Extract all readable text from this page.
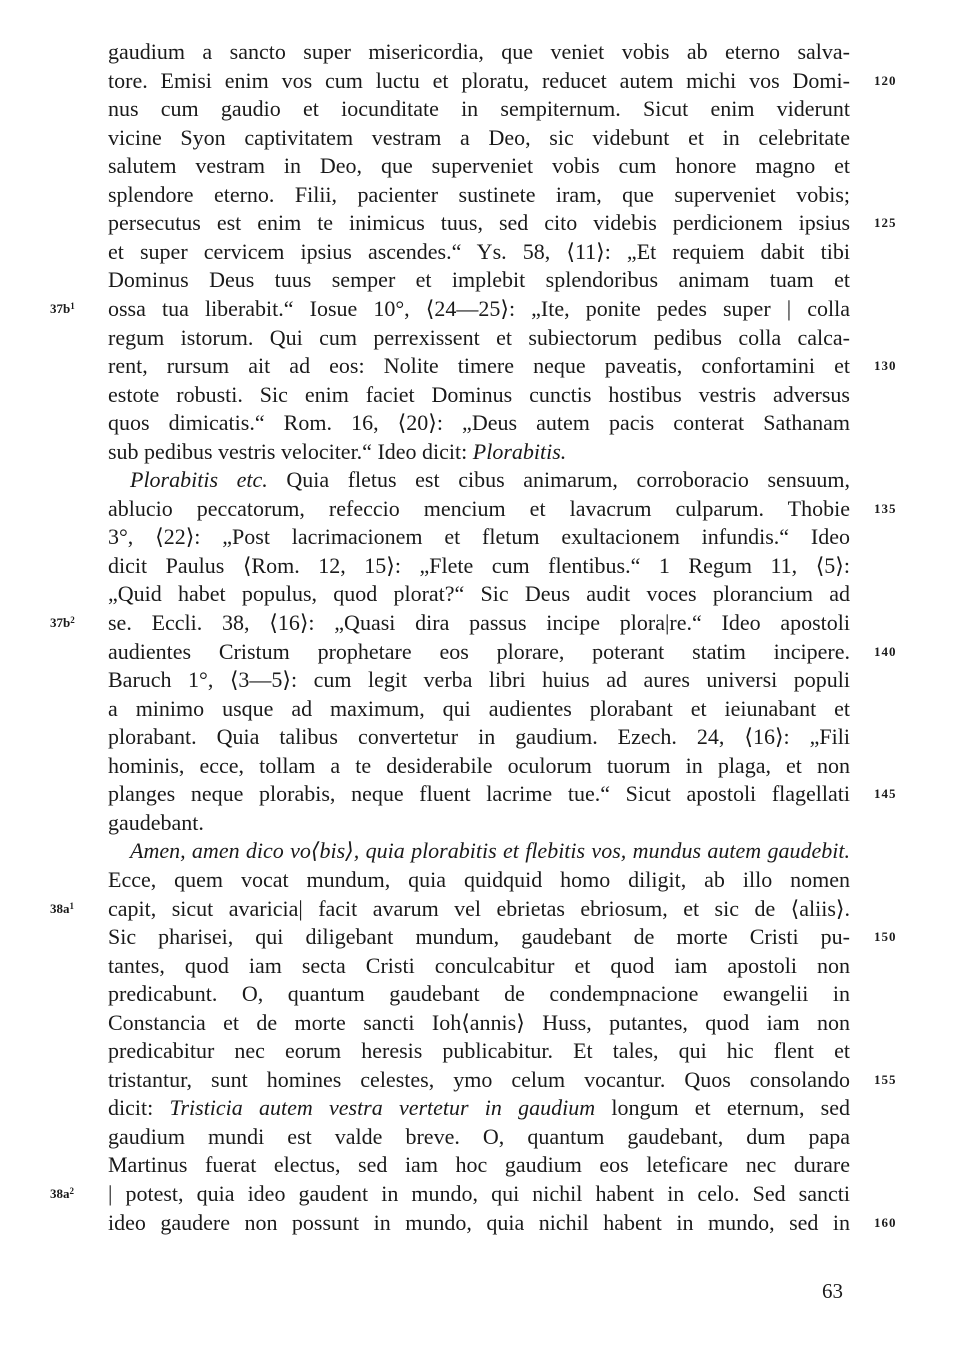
gaudium a sancto super misericordia, que veniet vobis ab eterno salva-
tore. Emisi enim vos cum luctu et ploratu, reducet autem michi vos Domi-
nus cum gaudio et iocunditate in sempiternum. Sicut enim viderunt
vicine Syon captivitatem vestram a Deo, sic videbunt et in celebritate
salutem vestram in Deo, que superveniet vobis cum honore magno et
splendore eterno. Filii, pacienter sustinete iram, que superveniet vobis;
persecutus est enim te inimicus tuus, sed cito videbis perdicionem ipsius
et super cervicem ipsius ascendes.“ Ys. 58, ⟨11⟩: „Et requiem dabit tibi
Dominus Deus tuus semper et implebit splendoribus animam tuam et
ossa tua liberabit.“ Iosue 10°, ⟨24—25⟩: „Ite, ponite pedes super | colla
regum istorum. Qui cum perrexissent et subiectorum pedibus colla calca-
rent, rursum ait ad eos: Nolite timere neque paveatis, confortamini et
estote robusti. Sic enim faciet Dominus cunctis hostibus vestris adversus
quos dimicatis.“ Rom. 16, ⟨20⟩: „Deus autem pacis conterat Sathanam
sub pedibus vestris velociter.“ Ideo dicit: Plorabitis.
Plorabitis etc. Quia fletus est cibus animarum, corroboracio sensuum,
ablucio peccatorum, refeccio mencium et lavacrum culparum. Thobie
3°, ⟨22⟩: „Post lacrimacionem et fletum exultacionem infundis.“ Ideo
dicit Paulus ⟨Rom. 12, 15⟩: „Flete cum flentibus.“ 1 Regum 11, ⟨5⟩:
„Quid habet populus, quod plorat?“ Sic Deus audit voces plorancium ad
se. Eccli. 38, ⟨16⟩: „Quasi dira passus incipe plora|re.“ Ideo apostoli
audientes Cristum prophetare eos plorare, poterant statim incipere.
Baruch 1°, ⟨3—5⟩: cum legit verba libri huius ad aures universi populi
a minimo usque ad maximum, qui audientes plorabant et ieiunabant et
plorabant. Quia talibus convertetur in gaudium. Ezech. 24, ⟨16⟩: „Fili
hominis, ecce, tollam a te desiderabile oculorum tuorum in plaga, et non
planges neque plorabis, neque fluent lacrime tue.“ Sicut apostoli flagellati
gaudebant.
Amen, amen dico vo⟨bis⟩, quia plorabitis et flebitis vos, mundus autem gaudebit.
Ecce, quem vocat mundum, quia quidquid homo diligit, ab illo nomen
capit, sicut avaricia| facit avarum vel ebrietas ebriosum, et sic de ⟨aliis⟩.
Sic pharisei, qui diligebant mundum, gaudebant de morte Cristi pu-
tantes, quod iam secta Cristi conculcabitur et quod iam apostoli non
predicabunt. O, quantum gaudebant de condempnacione ewangelii in
Constancia et de morte sancti Ioh⟨annis⟩ Huss, putantes, quod iam non
predicabitur nec eorum heresis publicabitur. Et tales, qui hic flent et
tristantur, sunt homines celestes, ymo celum vocantur. Quos consolando
dicit: Tristicia autem vestra vertetur in gaudium longum et eternum, sed
gaudium mundi est valde breve. O, quantum gaudebant, dum papa
Martinus fuerat electus, sed iam hoc gaudium eos leteficare nec durare
| potest, quia ideo gaudent in mundo, qui nichil habent in celo. Sed sancti
ideo gaudere non possunt in mundo, quia nichil habent in mundo, sed in
120
125
130
135
140
145
150
155
160
$37b^1$
$37b^2$
$38a^1$
$38a^2$
63
